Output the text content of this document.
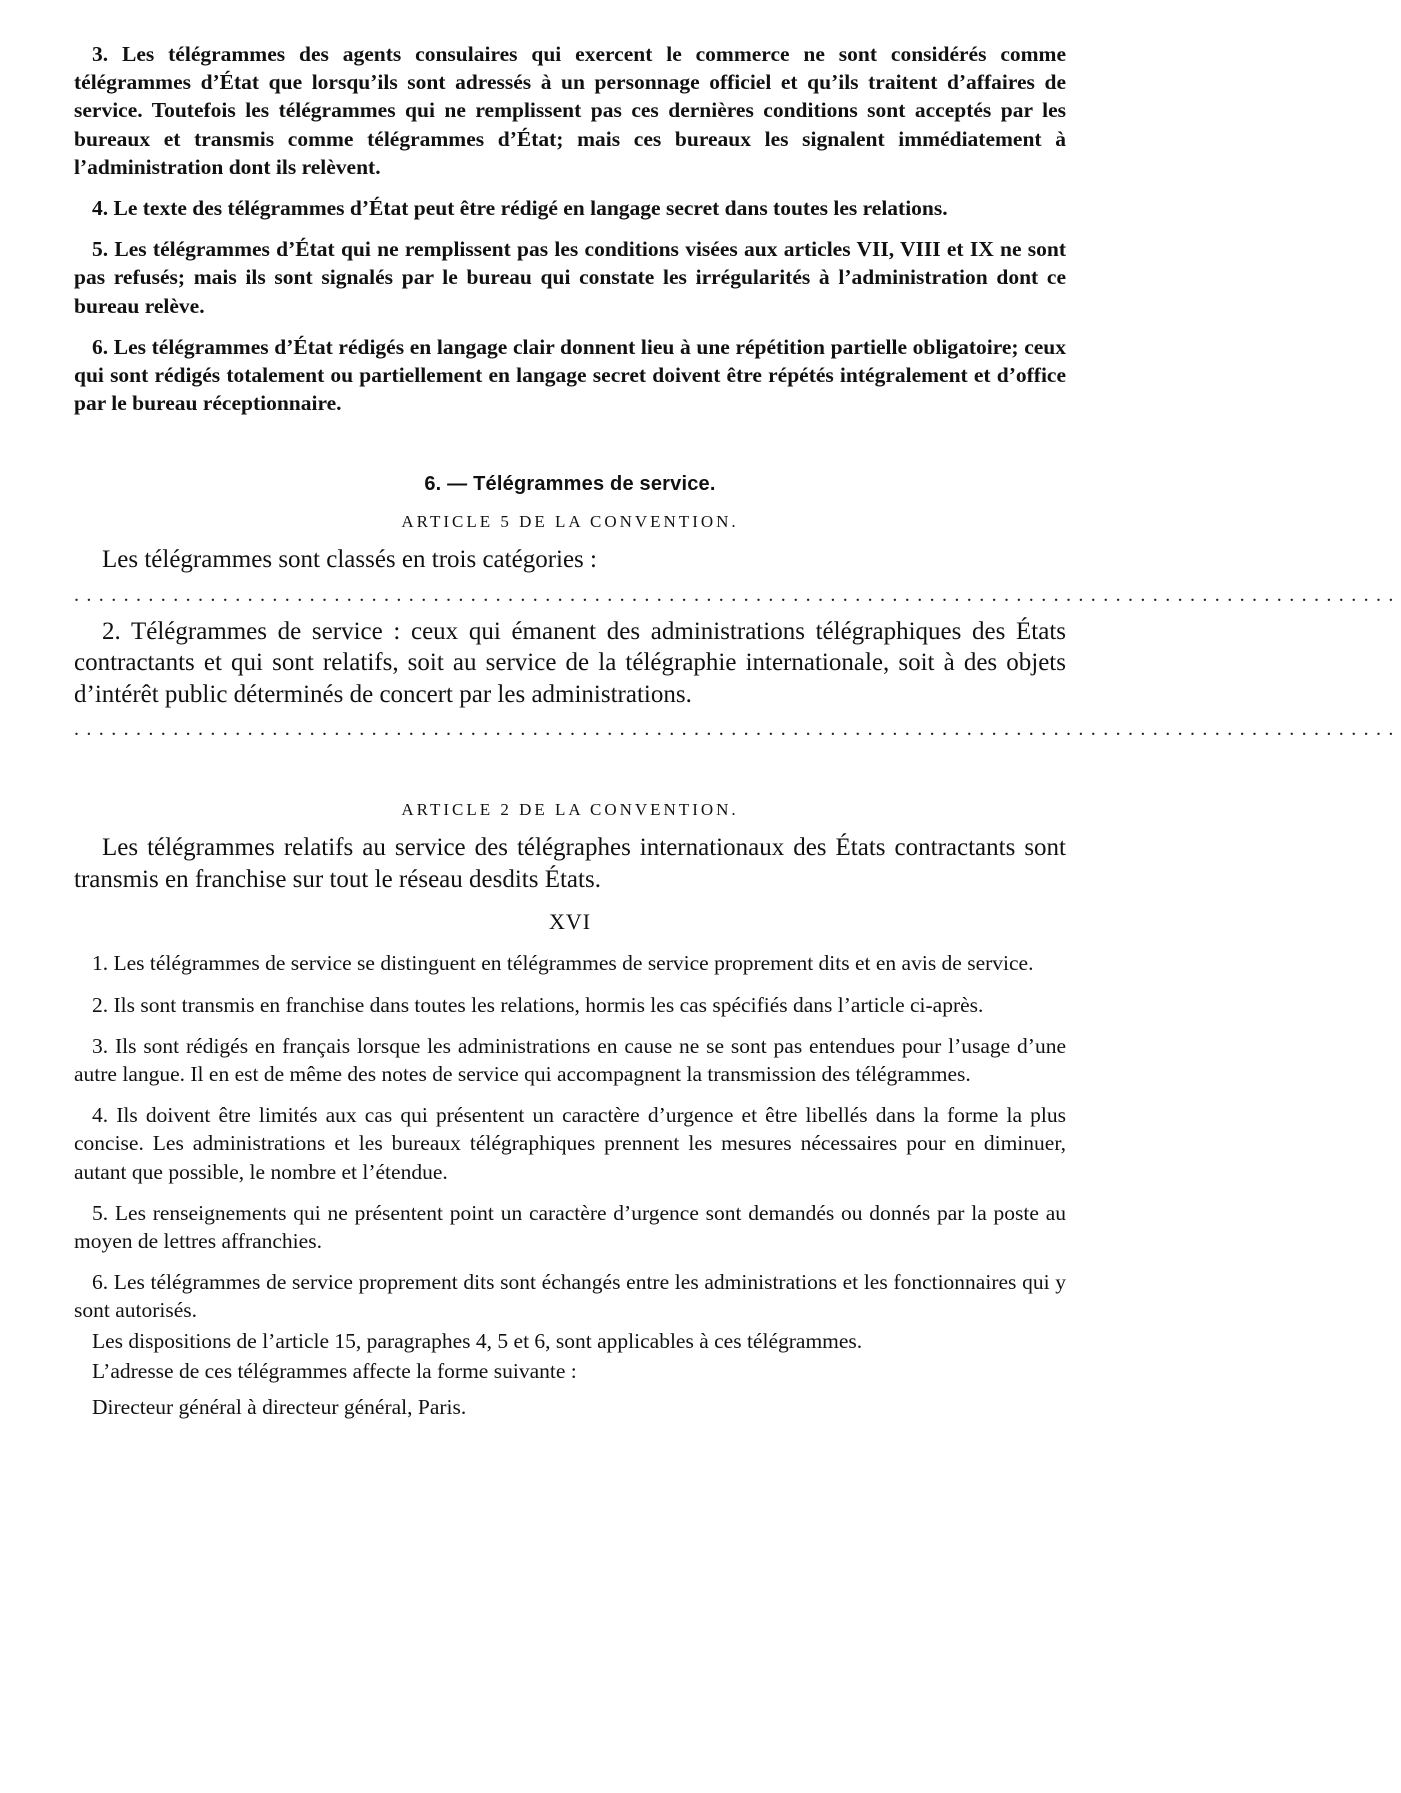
3. Les télégrammes des agents consulaires qui exercent le commerce ne sont considérés comme télégrammes d’État que lorsqu’ils sont adressés à un personnage officiel et qu’ils traitent d’affaires de service. Toutefois les télégrammes qui ne remplissent pas ces dernières conditions sont acceptés par les bureaux et transmis comme télégrammes d’État; mais ces bureaux les signalent immédiatement à l’administration dont ils relèvent.

4. Le texte des télégrammes d’État peut être rédigé en langage secret dans toutes les relations.

5. Les télégrammes d’État qui ne remplissent pas les conditions visées aux articles VII, VIII et IX ne sont pas refusés; mais ils sont signalés par le bureau qui constate les irrégularités à l’administration dont ce bureau relève.

6. Les télégrammes d’État rédigés en langage clair donnent lieu à une répétition partielle obligatoire; ceux qui sont rédigés totalement ou partiellement en langage secret doivent être répétés intégralement et d’office par le bureau réceptionnaire.

6. — Télégrammes de service.
ARTICLE 5 DE LA CONVENTION.

Les télégrammes sont classés en trois catégories :

...........................................................................................................

2. Télégrammes de service : ceux qui émanent des administrations télégraphiques des États contractants et qui sont relatifs, soit au service de la télégraphie internationale, soit à des objets d’intérêt public déterminés de concert par les administrations.

...........................................................................................................
ARTICLE 2 DE LA CONVENTION.

Les télégrammes relatifs au service des télégraphes internationaux des États contractants sont transmis en franchise sur tout le réseau desdits États.

XVI

1. Les télégrammes de service se distinguent en télégrammes de service proprement dits et en avis de service.

2. Ils sont transmis en franchise dans toutes les relations, hormis les cas spécifiés dans l’article ci-après.

3. Ils sont rédigés en français lorsque les administrations en cause ne se sont pas entendues pour l’usage d’une autre langue. Il en est de même des notes de service qui accompagnent la transmission des télégrammes.

4. Ils doivent être limités aux cas qui présentent un caractère d’urgence et être libellés dans la forme la plus concise. Les administrations et les bureaux télégraphiques prennent les mesures nécessaires pour en diminuer, autant que possible, le nombre et l’étendue.

5. Les renseignements qui ne présentent point un caractère d’urgence sont demandés ou donnés par la poste au moyen de lettres affranchies.

6. Les télégrammes de service proprement dits sont échangés entre les administrations et les fonctionnaires qui y sont autorisés.

Les dispositions de l’article 15, paragraphes 4, 5 et 6, sont applicables à ces télégrammes.

L’adresse de ces télégrammes affecte la forme suivante :

Directeur général à directeur général, Paris.
